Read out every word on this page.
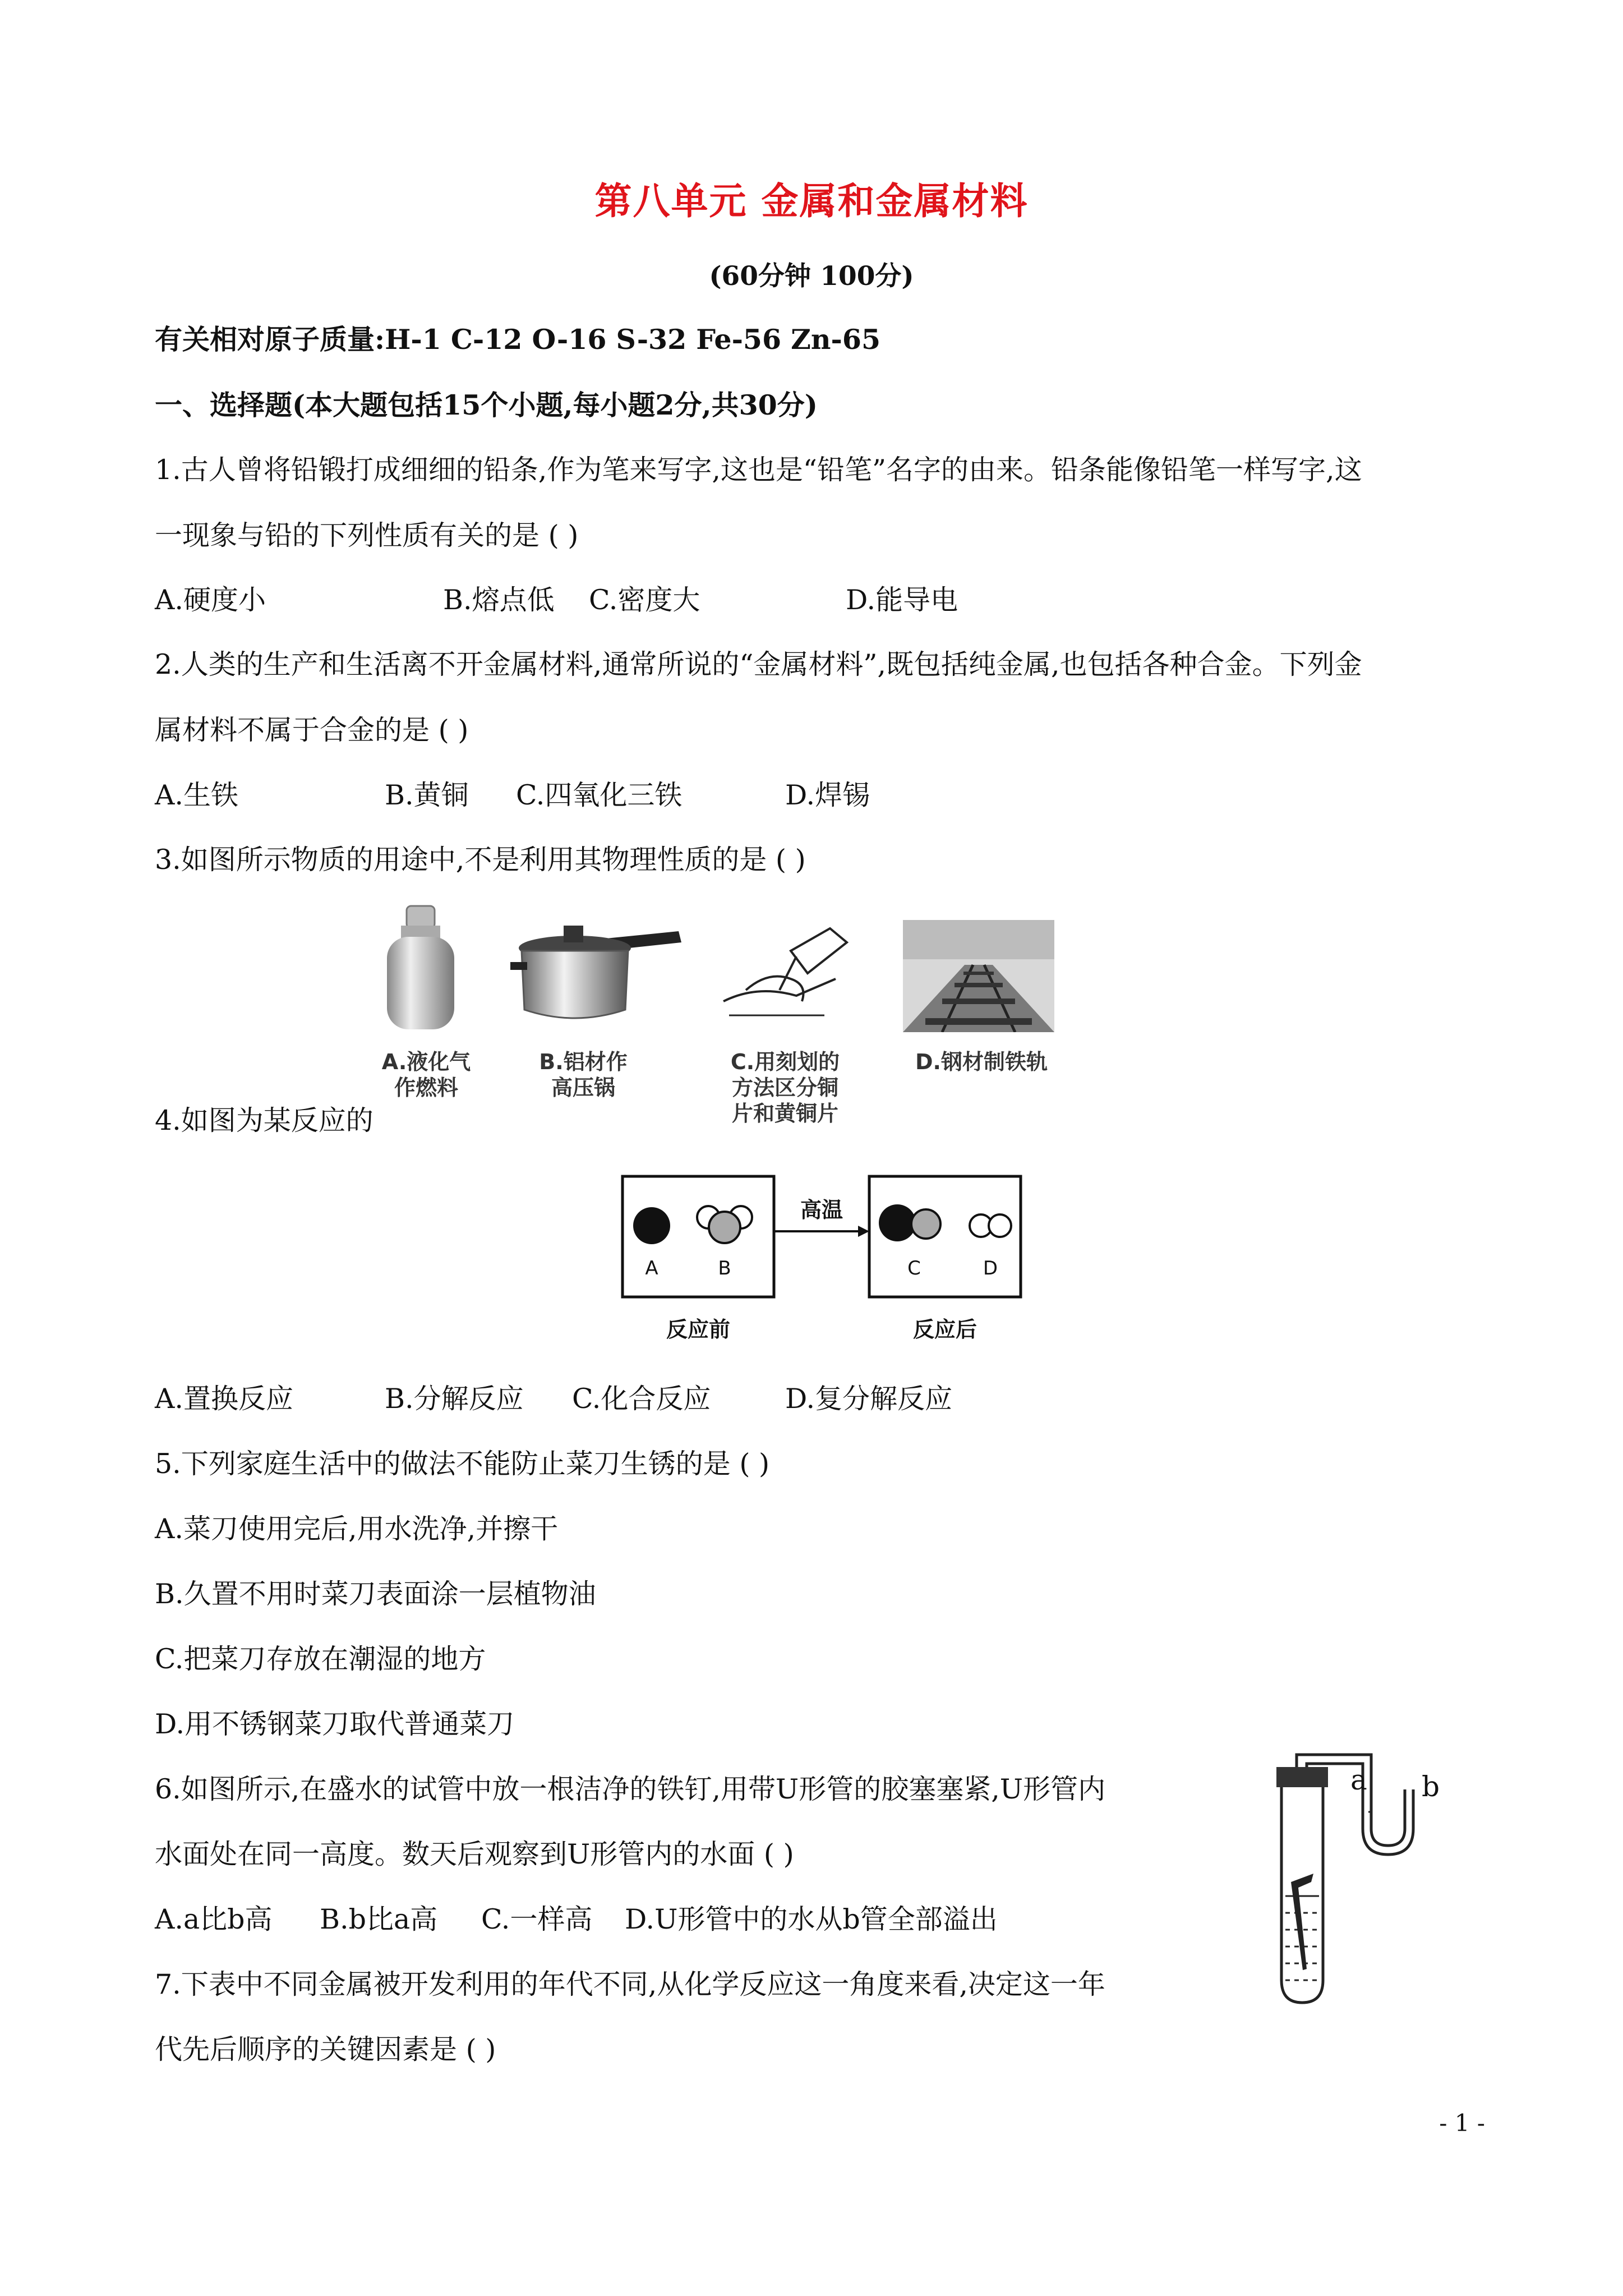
第八单元 金属和金属材料
(60分钟 100分)
有关相对原子质量:H-1 C-12 O-16 S-32 Fe-56 Zn-65
一、选择题(本大题包括15个小题,每小题2分,共30分)
1.古人曾将铅锻打成细细的铅条,作为笔来写字,这也是“铅笔”名字的由来。铅条能像铅笔一样写字,这
一现象与铅的下列性质有关的是 ( )
A.硬度小	B.熔点低 C.密度大	D.能导电
2.人类的生产和生活离不开金属材料,通常所说的“金属材料”,既包括纯金属,也包括各种合金。下列金
属材料不属于合金的是 ( )
A.生铁	B.黄铜 C.四氧化三铁	D.焊锡
3.如图所示物质的用途中,不是利用其物理性质的是 ( )
A.液化气
作燃料
B.铝材作
高压锅
C.用刻划的
方法区分铜
片和黄铜片
D.钢材制铁轨
4.如图为某反应的
高温
A	B	C	D
反应前	反应后
A.置换反应	B.分解反应 C.化合反应	D.复分解反应
5.下列家庭生活中的做法不能防止菜刀生锈的是 ( )
A.菜刀使用完后,用水洗净,并擦干
B.久置不用时菜刀表面涂一层植物油
C.把菜刀存放在潮湿的地方
D.用不锈钢菜刀取代普通菜刀
6.如图所示,在盛水的试管中放一根洁净的铁钉,用带U形管的胶塞塞紧,U形管内
水面处在同一高度。数天后观察到U形管内的水面 ( )
A.a比b高 B.b比a高 C.一样高 D.U形管中的水从b管全部溢出
a b
7.下表中不同金属被开发利用的年代不同,从化学反应这一角度来看,决定这一年
代先后顺序的关键因素是 ( )
- 1 -
